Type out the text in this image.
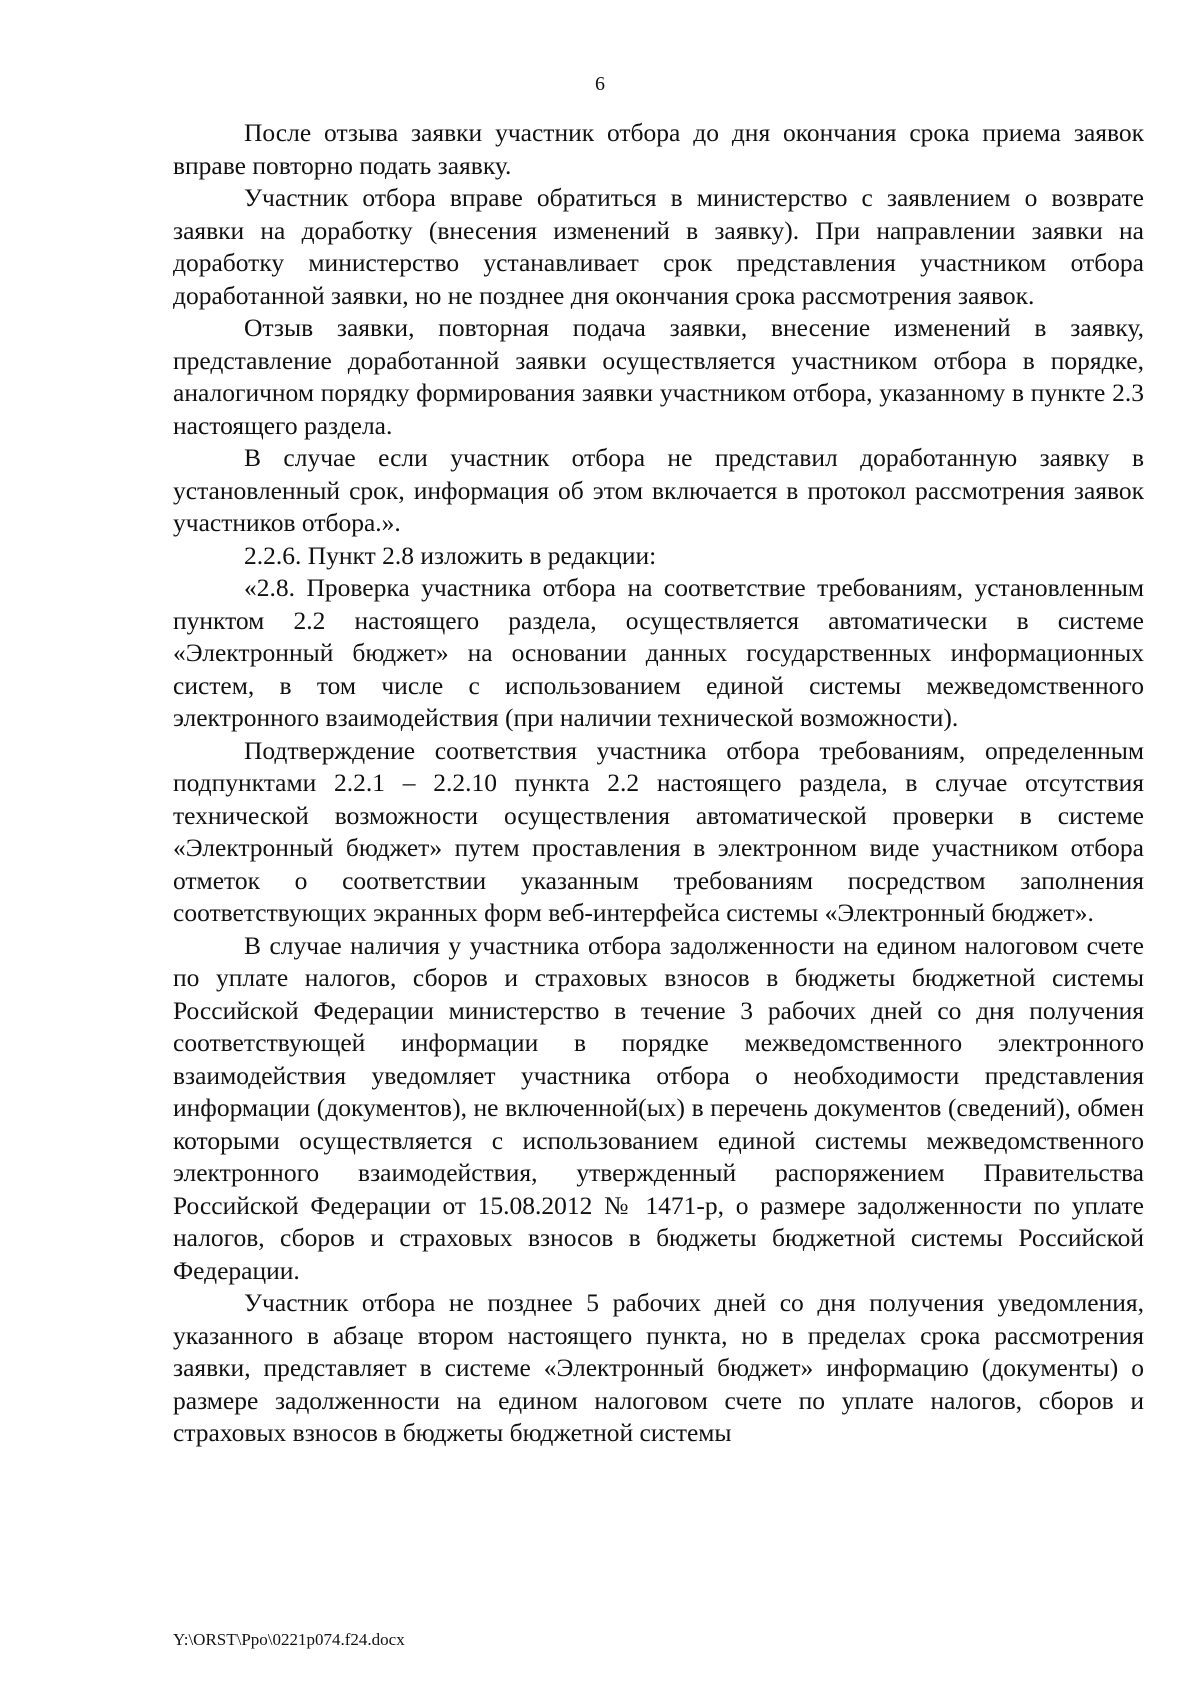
6

После отзыва заявки участник отбора до дня окончания срока приема заявок вправе повторно подать заявку.

Участник отбора вправе обратиться в министерство с заявлением о возврате заявки на доработку (внесения изменений в заявку). При направлении заявки на доработку министерство устанавливает срок представления участником отбора доработанной заявки, но не позднее дня окончания срока рассмотрения заявок.

Отзыв заявки, повторная подача заявки, внесение изменений в заявку, представление доработанной заявки осуществляется участником отбора в порядке, аналогичном порядку формирования заявки участником отбора, указанному в пункте 2.3 настоящего раздела.

В случае если участник отбора не представил доработанную заявку в установленный срок, информация об этом включается в протокол рассмотрения заявок участников отбора.».

2.2.6. Пункт 2.8 изложить в редакции:

«2.8. Проверка участника отбора на соответствие требованиям, установленным пунктом 2.2 настоящего раздела, осуществляется автоматически в системе «Электронный бюджет» на основании данных государственных информационных систем, в том числе с использованием единой системы межведомственного электронного взаимодействия (при наличии технической возможности).

Подтверждение соответствия участника отбора требованиям, определенным подпунктами 2.2.1 – 2.2.10 пункта 2.2 настоящего раздела, в случае отсутствия технической возможности осуществления автоматической проверки в системе «Электронный бюджет» путем проставления в электронном виде участником отбора отметок о соответствии указанным требованиям посредством заполнения соответствующих экранных форм веб-интерфейса системы «Электронный бюджет».

В случае наличия у участника отбора задолженности на едином налоговом счете по уплате налогов, сборов и страховых взносов в бюджеты бюджетной системы Российской Федерации министерство в течение 3 рабочих дней со дня получения соответствующей информации в порядке межведомственного электронного взаимодействия уведомляет участника отбора о необходимости представления информации (документов), не включенной(ых) в перечень документов (сведений), обмен которыми осуществляется с использованием единой системы межведомственного электронного взаимодействия, утвержденный распоряжением Правительства Российской Федерации от 15.08.2012 № 1471-р, о размере задолженности по уплате налогов, сборов и страховых взносов в бюджеты бюджетной системы Российской Федерации.

Участник отбора не позднее 5 рабочих дней со дня получения уведомления, указанного в абзаце втором настоящего пункта, но в пределах срока рассмотрения заявки, представляет в системе «Электронный бюджет» информацию (документы) о размере задолженности на едином налоговом счете по уплате налогов, сборов и страховых взносов в бюджеты бюджетной системы

Y:\ORST\Ppo\0221p074.f24.docx
